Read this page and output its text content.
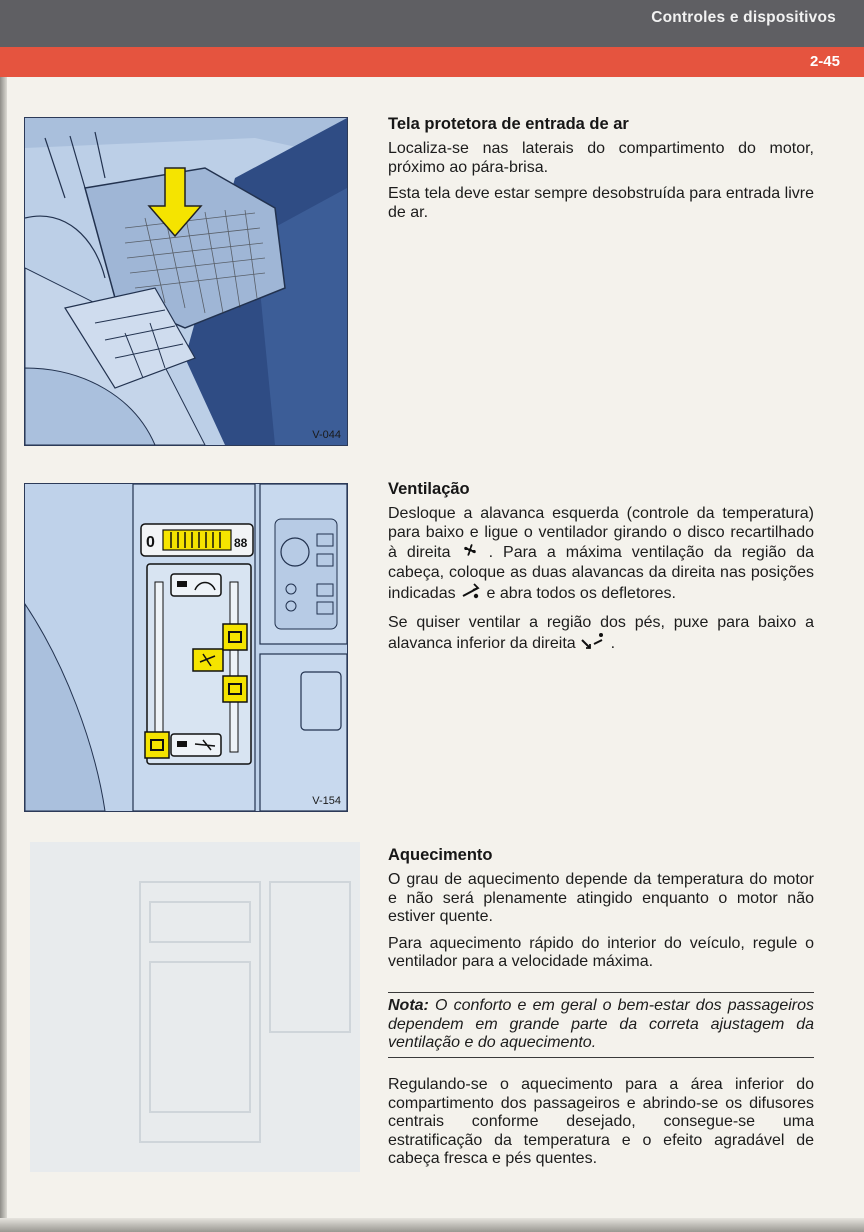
Controles e dispositivos
2-45
V-044
0	88
V-154
Tela protetora de entrada de ar

Localiza-se nas laterais do compartimento do motor, próximo ao pára-brisa.

Esta tela deve estar sempre desobstruída para entrada livre de ar.

Ventilação

Desloque a alavanca esquerda (controle da temperatura) para baixo e ligue o ventilador girando o disco recartilhado à direita . Para a máxima ventilação da região da cabeça, coloque as duas alavancas da direita nas posições indicadas e abra todos os defletores.

Se quiser ventilar a região dos pés, puxe para baixo a alavanca inferior da direita .

Aquecimento

O grau de aquecimento depende da temperatura do motor e não será plenamente atingido enquanto o motor não estiver quente.

Para aquecimento rápido do interior do veículo, regule o ventilador para a velocidade máxima.

Nota: O conforto e em geral o bem-estar dos passageiros dependem em grande parte da correta ajustagem da ventilação e do aquecimento.

Regulando-se o aquecimento para a área inferior do compartimento dos passageiros e abrindo-se os difusores centrais conforme desejado, consegue-se uma estratificação da temperatura e o efeito agradável de cabeça fresca e pés quentes.
